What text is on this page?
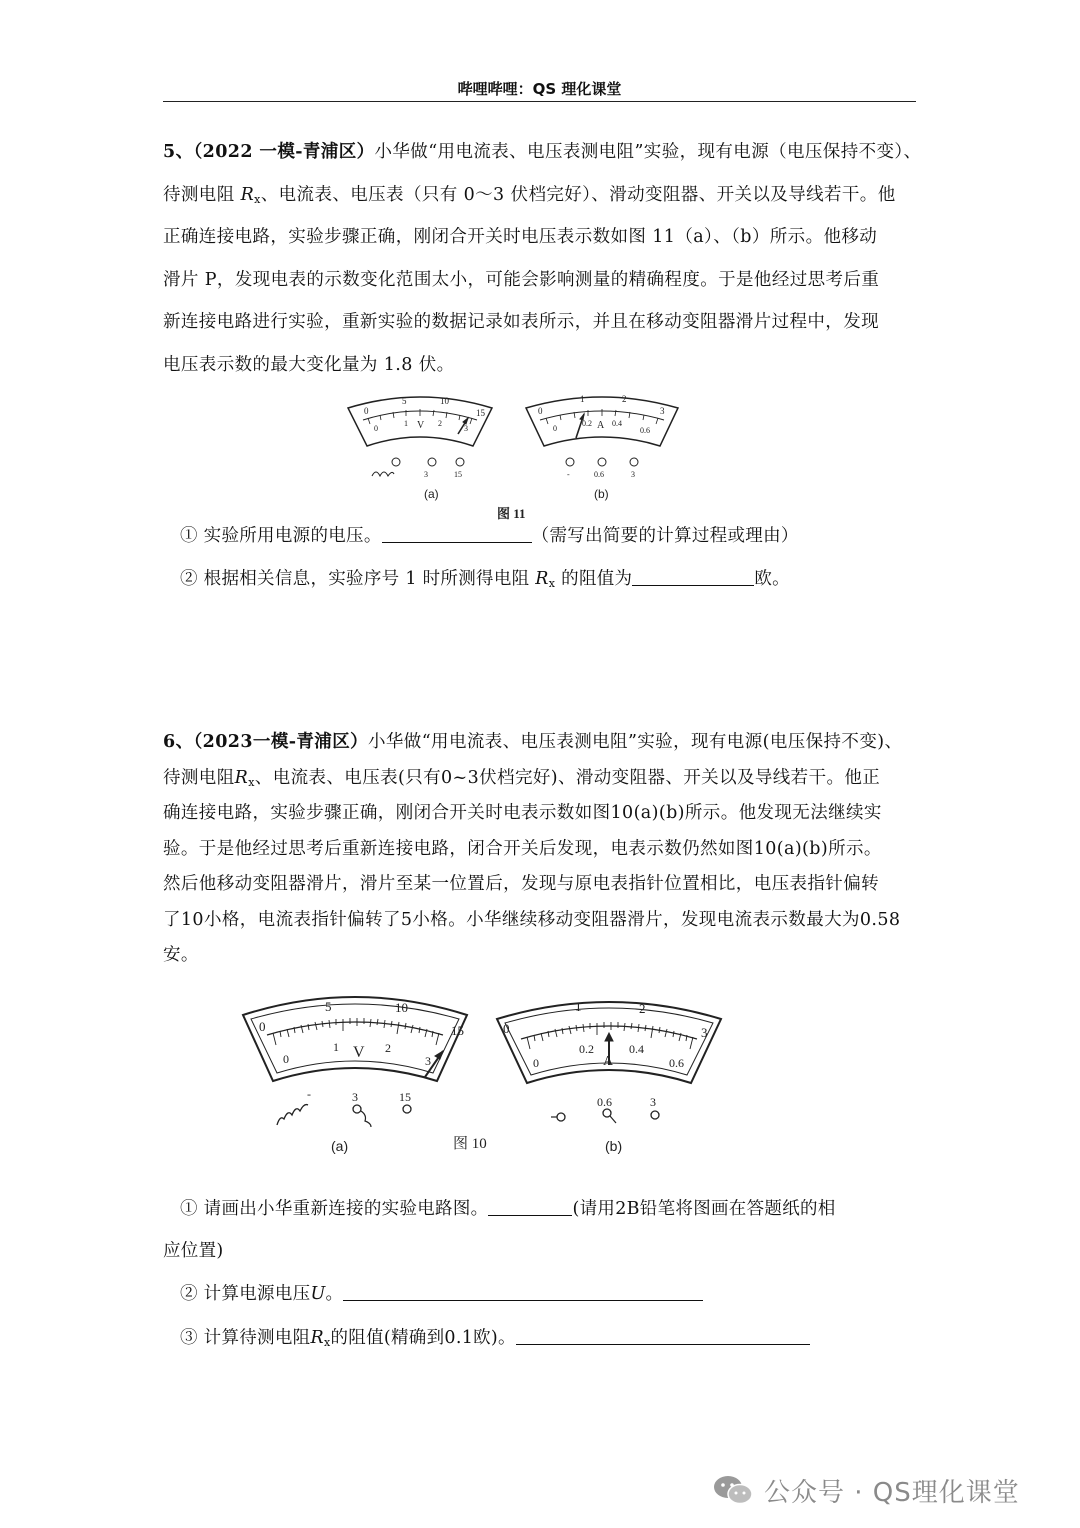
哔哩哔哩：QS 理化课堂
5、（2022 一模-青浦区）小华做“用电流表、电压表测电阻”实验，现有电源（电压保持不变）、
待测电阻 $R_x$、电流表、电压表（只有 0～3 伏档完好）、滑动变阻器、开关以及导线若干。他
正确连接电路，实验步骤正确，刚闭合开关时电压表示数如图 11（a）、（b）所示。他移动
滑片 P，发现电表的示数变化范围太小，可能会影响测量的精确程度。于是他经过思考后重
新连接电路进行实验，重新实验的数据记录如表所示，并且在移动变阻器滑片过程中，发现
电压表示数的最大变化量为 1.8 伏。
0
5	10
15
0
1	2
3
V
3	15
(a)
0
1	2
3
0
0.2	0.4
0.6
A
-	0.6	3
(b)
图 11
① 实验所用电源的电压。	（需写出简要的计算过程或理由）
② 根据相关信息，实验序号 1 时所测得电阻 $R_x$ 的阻值为	欧。
6、（2023一模-青浦区）小华做“用电流表、电压表测电阻”实验，现有电源(电压保持不变)、
待测电阻$R_x$、电流表、电压表(只有0~3伏档完好)、滑动变阻器、开关以及导线若干。他正
确连接电路，实验步骤正确，刚闭合开关时电表示数如图10(a)(b)所示。他发现无法继续实
验。于是他经过思考后重新连接电路，闭合开关后发现，电表示数仍然如图10(a)(b)所示。
然后他移动变阻器滑片，滑片至某一位置后，发现与原电表指针位置相比，电压表指针偏转
了10小格，电流表指针偏转了5小格。小华继续移动变阻器滑片，发现电流表示数最大为0.58
安。
0
5	10
15
0
1	2
3
V
-	3	15
(a)	图 10
0
1	2
3
0
0.2	0.4
0.6
A
0.6	3
(b)
① 请画出小华重新连接的实验电路图。	(请用2B铅笔将图画在答题纸的相
应位置)
② 计算电源电压U。
③ 计算待测电阻$R_x$的阻值(精确到0.1欧)。
公众号 · QS理化课堂
